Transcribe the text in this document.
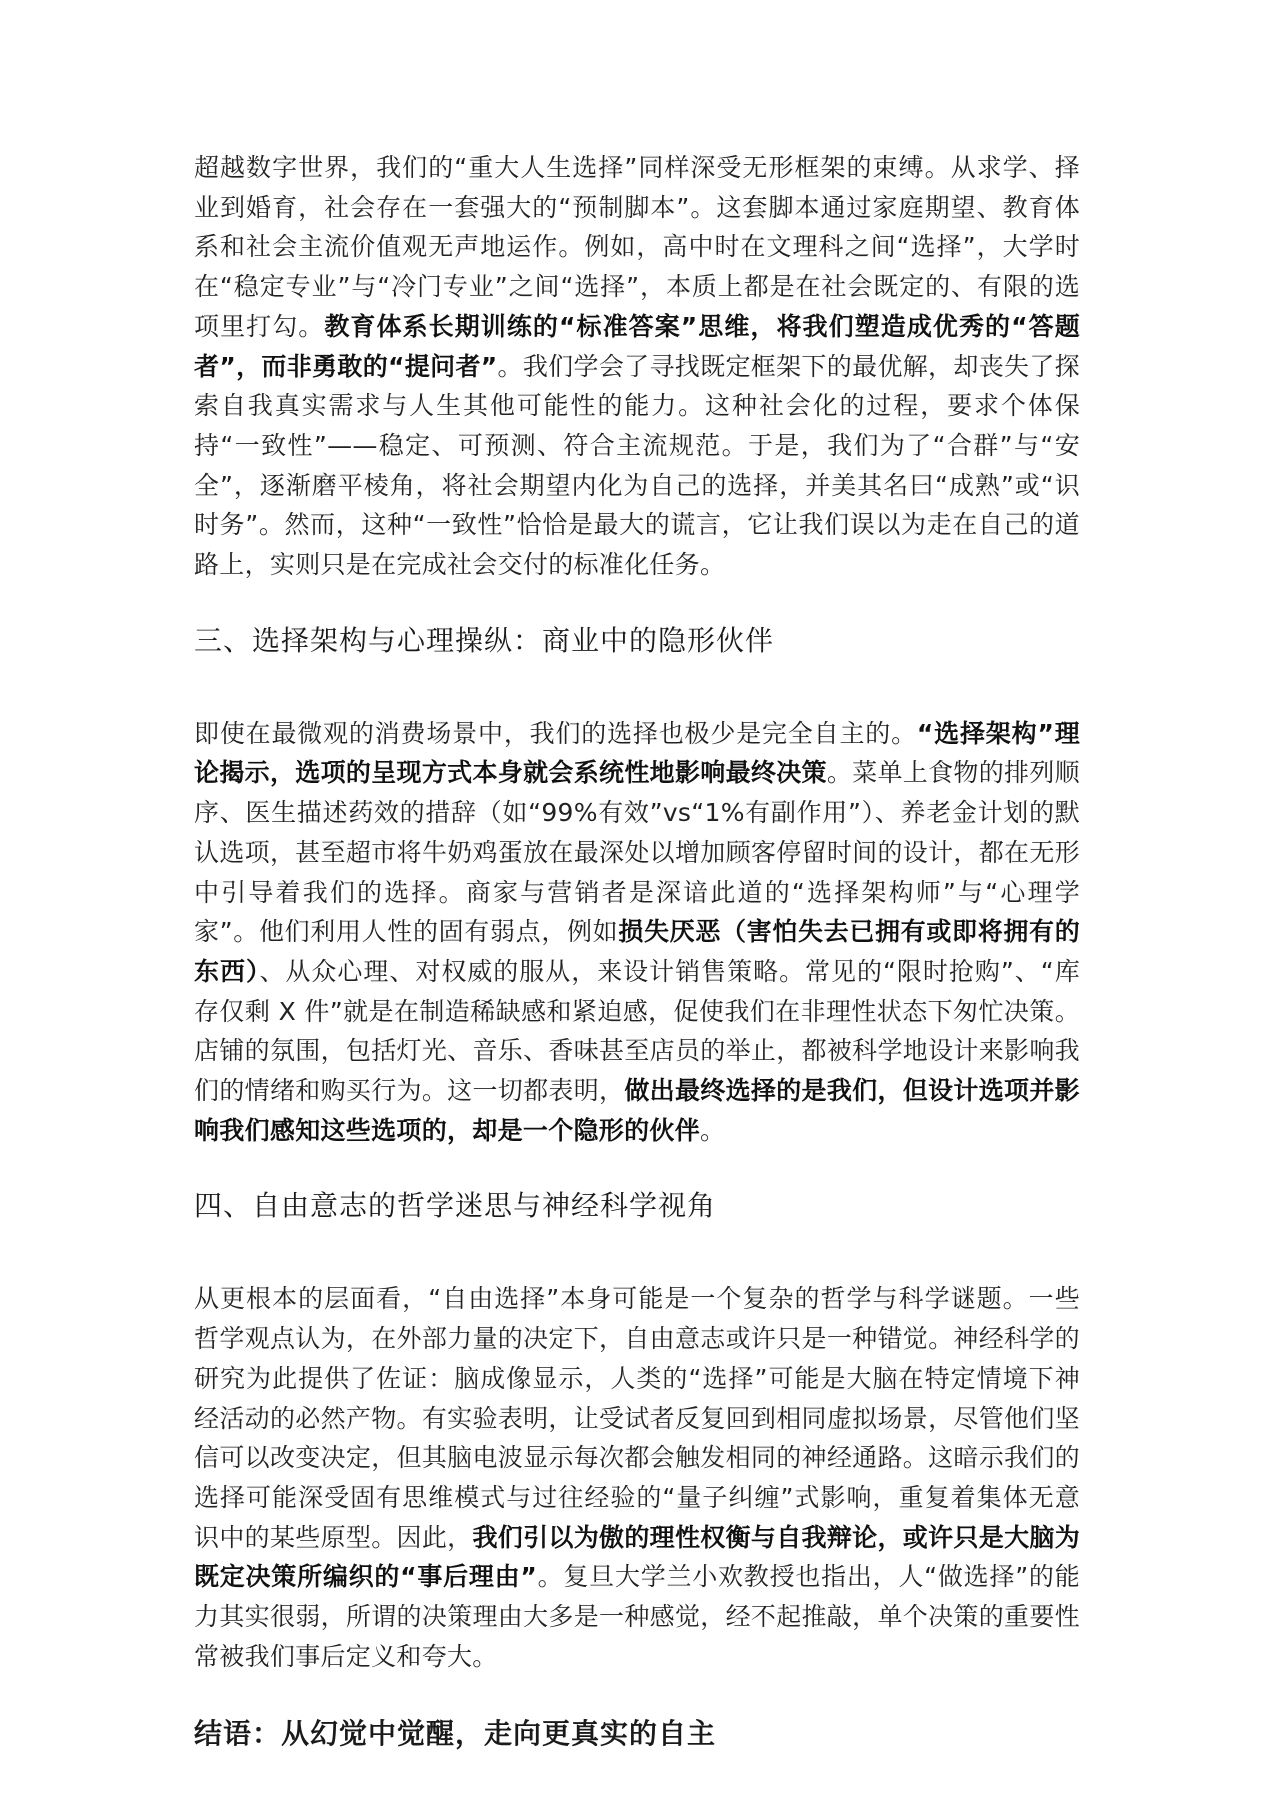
超越数字世界，我们的“重大人生选择”同样深受无形框架的束缚。从求学、择业到婚育，社会存在一套强大的“预制脚本”。这套脚本通过家庭期望、教育体系和社会主流价值观无声地运作。例如，高中时在文理科之间“选择”，大学时在“稳定专业”与“冷门专业”之间“选择”，本质上都是在社会既定的、有限的选项里打勾。教育体系长期训练的“标准答案”思维，将我们塑造成优秀的“答题者”，而非勇敢的“提问者”。我们学会了寻找既定框架下的最优解，却丧失了探索自我真实需求与人生其他可能性的能力。这种社会化的过程，要求个体保持“一致性”——稳定、可预测、符合主流规范。于是，我们为了“合群”与“安全”，逐渐磨平棱角，将社会期望内化为自己的选择，并美其名曰“成熟”或“识时务”。然而，这种“一致性”恰恰是最大的谎言，它让我们误以为走在自己的道路上，实则只是在完成社会交付的标准化任务。

三、选择架构与心理操纵：商业中的隐形伙伴

即使在最微观的消费场景中，我们的选择也极少是完全自主的。“选择架构”理论揭示，选项的呈现方式本身就会系统性地影响最终决策。菜单上食物的排列顺序、医生描述药效的措辞（如“99%有效”vs“1%有副作用”）、养老金计划的默认选项，甚至超市将牛奶鸡蛋放在最深处以增加顾客停留时间的设计，都在无形中引导着我们的选择。商家与营销者是深谙此道的“选择架构师”与“心理学家”。他们利用人性的固有弱点，例如损失厌恶（害怕失去已拥有或即将拥有的东西）、从众心理、对权威的服从，来设计销售策略。常见的“限时抢购”、“库存仅剩 X 件”就是在制造稀缺感和紧迫感，促使我们在非理性状态下匆忙决策。店铺的氛围，包括灯光、音乐、香味甚至店员的举止，都被科学地设计来影响我们的情绪和购买行为。这一切都表明，做出最终选择的是我们，但设计选项并影响我们感知这些选项的，却是一个隐形的伙伴。

四、自由意志的哲学迷思与神经科学视角

从更根本的层面看，“自由选择”本身可能是一个复杂的哲学与科学谜题。一些哲学观点认为，在外部力量的决定下，自由意志或许只是一种错觉。神经科学的研究为此提供了佐证：脑成像显示，人类的“选择”可能是大脑在特定情境下神经活动的必然产物。有实验表明，让受试者反复回到相同虚拟场景，尽管他们坚信可以改变决定，但其脑电波显示每次都会触发相同的神经通路。这暗示我们的选择可能深受固有思维模式与过往经验的“量子纠缠”式影响，重复着集体无意识中的某些原型。因此，我们引以为傲的理性权衡与自我辩论，或许只是大脑为既定决策所编织的“事后理由”。复旦大学兰小欢教授也指出，人“做选择”的能力其实很弱，所谓的决策理由大多是一种感觉，经不起推敲，单个决策的重要性常被我们事后定义和夸大。

结语：从幻觉中觉醒，走向更真实的自主
